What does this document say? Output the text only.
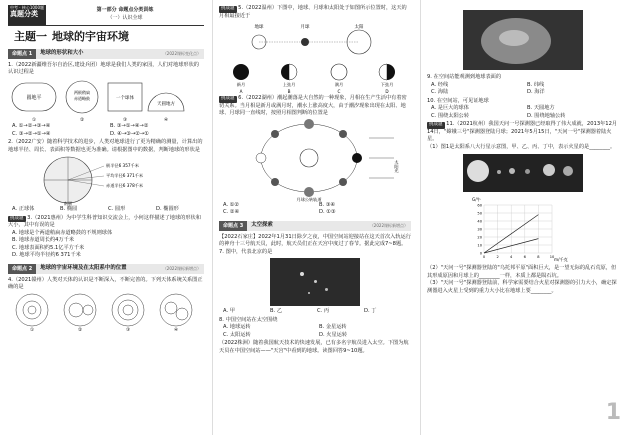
中考 · 核心1000题
真题分类
第一部分 命题点分类训练
（一）认识全球
主题一 地球的宇宙环境
命题点 1	地球的形状和大小	（2022课标变化点）
1.（2022新疆维吾尔自治区,建设兵团）地球是我们人类的家园，人们对地球形状的认识过程是
圆地平
两极稍扁
赤道略鼓	一个球体
天圆地方
①	②	③	④
A. ①→②→③→④	B. ③→①→④→②
C. ③→②→①→④	D. ④→③→②→①
2.（2022广安）随着科学技术的进步，人类对地球进行了更为精确的测量，计算出的地球半径、周长、表面积等数据也更为准确。请根据图中的数据，判断地球的形状是
极半径6 357千米
平均半径6 371千米
赤道半径6 378千米
南极
A. 正球体	B. 椭圆	C. 圆形	D. 椭圆形
挑战题 3.（2021惠州）为中学生科普知识交流会上，小何这样描述了地球的形状和大小，其中有误的是
A. 地球是个两道稍扁赤道略鼓的不规则球体
B. 地球赤道周长约4万千米
C. 地球表面积约5.1亿平方千米
D. 地球平均半径约6 371千米
命题点 2	地球的宇宙环境及在太阳系中的位置	（2022课标新增点）
4.（2021赣州）人类对天体的认识是不断深入，不断完善的。下列天体系统关系图正确的是
①	②	③	④
挑战题 5.（2022温州）下图中，地球、月球和太阳处于如图所示位置时，这天的月相最接近于
地球	月球	太阳
新月	上弦月	满月	下弦月
A	B	C	D
挑战题 6.（2022湖州）潮起潮落是大自然的一种现象，月相在生产生活中有着密切关系。当月相是新月或满月时，潮水上涨高度大，由于潮汐现象出现在太阳、地球、月球同一直线时，按照月相图判断的位置是
太阳光
月球公转轨道
A. ①②	B. ③④
C. ②④	D. ①③
命题点 3	太空探索	（2022课标新增点）
【2022石家庄】2022年1月31日除夕之夜，中国空间站迎接站在这天首次入轨运行的神舟十三号航天员，此时，航天员们正在天宫中度过了春节。据此完成7~8题。
7. 图中，代表北京的是
A. 甲	B. 乙	C. 丙	D. 丁
8. 中国空间站在太空围绕
A. 地球运转	B. 金星运转
C. 太阳运转	D. 火星运转
（2022株洲）随着我国航天技术的快速发展，已有多名宇航员进入太空。下图为航天员在中国空间站——"天宫"中看到的地球。读图回答9~10题。
9. 在空间站能观测到地球表面的
A. 经线	B. 纬线
C. 海陆	D. 海洋
10. 在空间站，可见证地球
A. 是巨大的球体	B. 天圆地方
C. 围绕太阳公转	D. 围绕地轴公转
挑战题 11.（2021杭州）我国天问一号探测器已经取得了伟大成就，2013年12月14日，"嫦娥三号"探测器登陆月球；2021年5月15日，"天问一号"探测器着陆火星。
（1）图1是太阳系八大行星示意图，甲、乙、丙、丁中，表示火星的是________。
G/牛
m/千克
0	2	4	6	8	10
0
10
20
30
40
50
60
（2）"天问一号"探测器登陆的"乌托邦平原"面积巨大，是一望无际的乱石荒原，但其形成原因和月球上的________一样，本质上都是陨石坑。
（3）"天问一号"探测器登陆前，科学家需要结合火星对探测器的引力大小，确定探测器进入火星上受到的重力大小比在地球上要________。
1
